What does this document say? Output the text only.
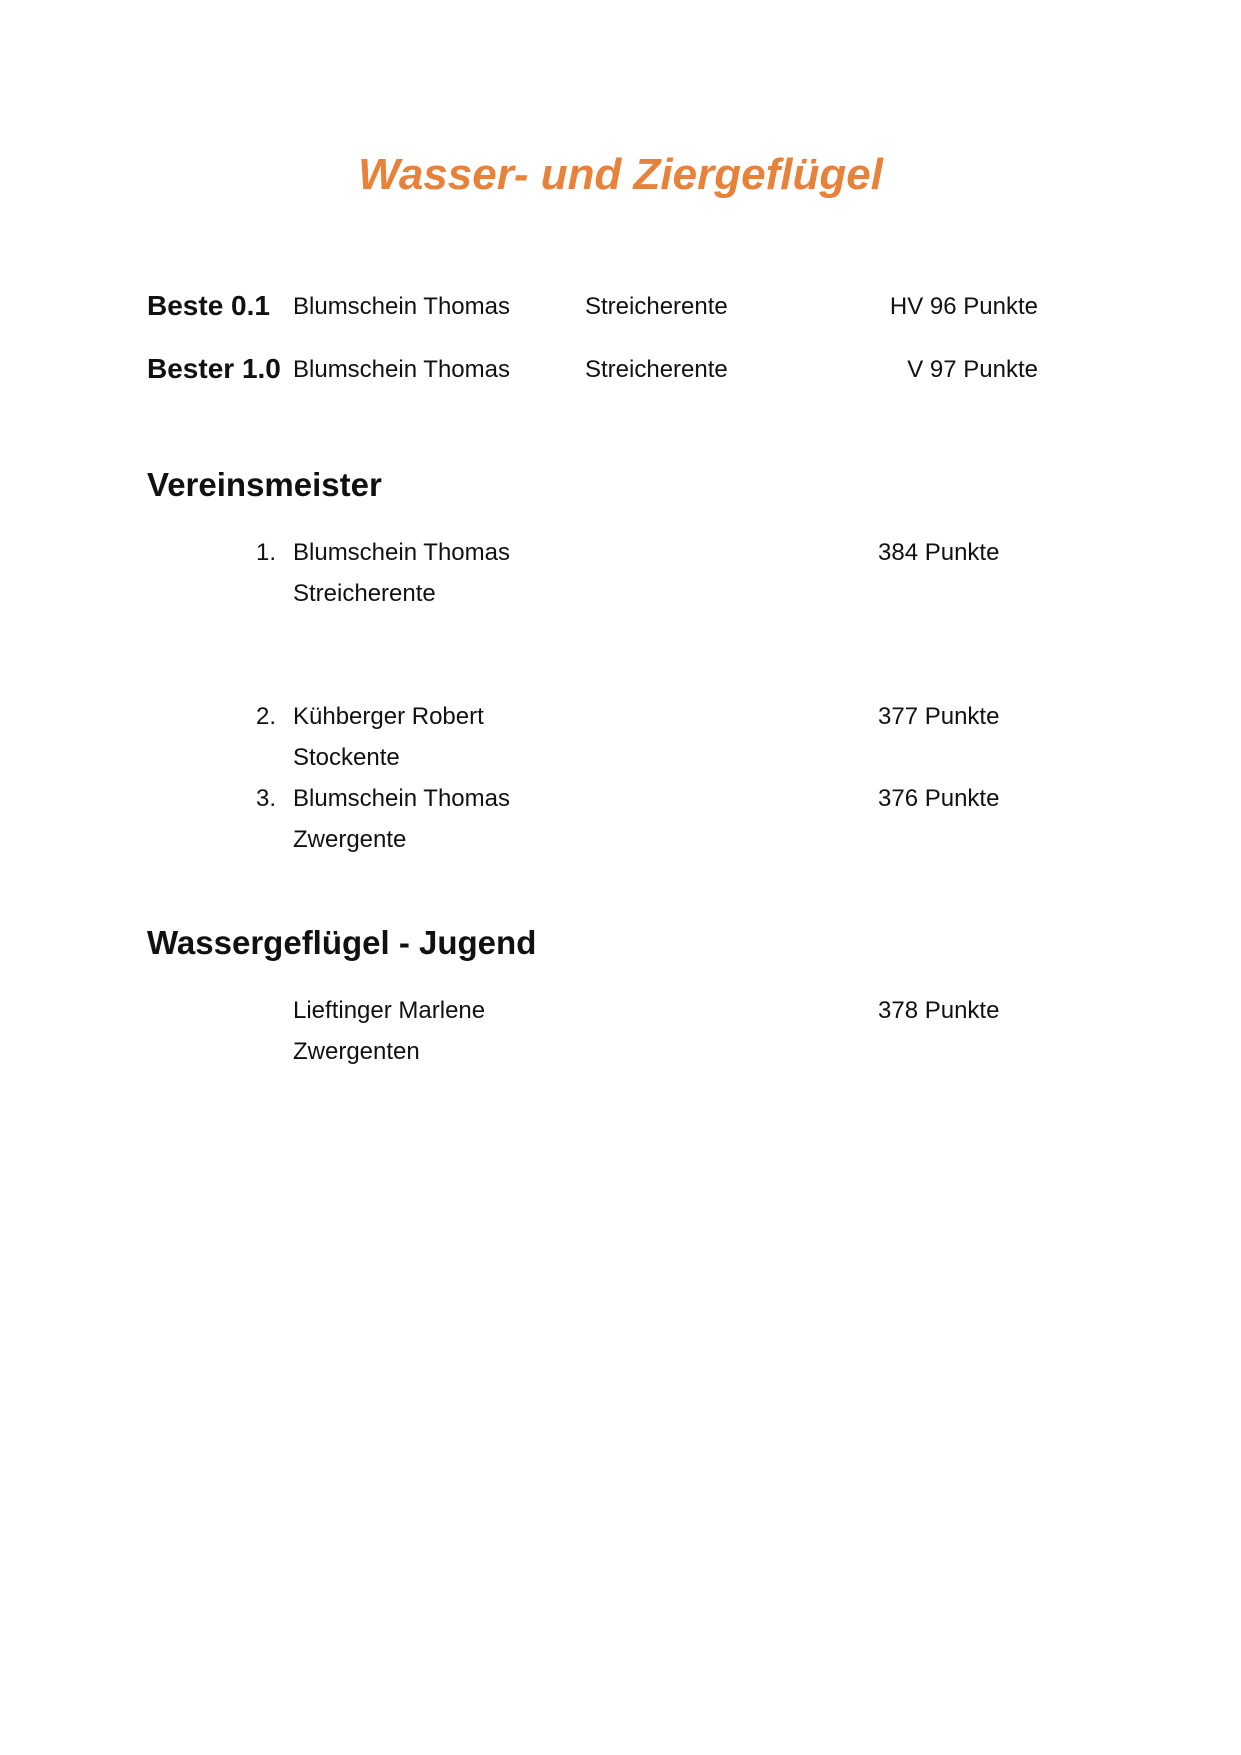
Wasser- und Ziergeflügel
Beste 0.1 Blumschein Thomas	Streicherente	HV 96 Punkte
Bester 1.0 Blumschein Thomas	Streicherente	V 97 Punkte
Vereinsmeister
1. Blumschein Thomas
Streicherente
384 Punkte
2. Kühberger Robert
Stockente
377 Punkte
3. Blumschein Thomas
Zwergente
376 Punkte
Wassergeflügel - Jugend
Lieftinger Marlene
Zwergenten
378 Punkte
